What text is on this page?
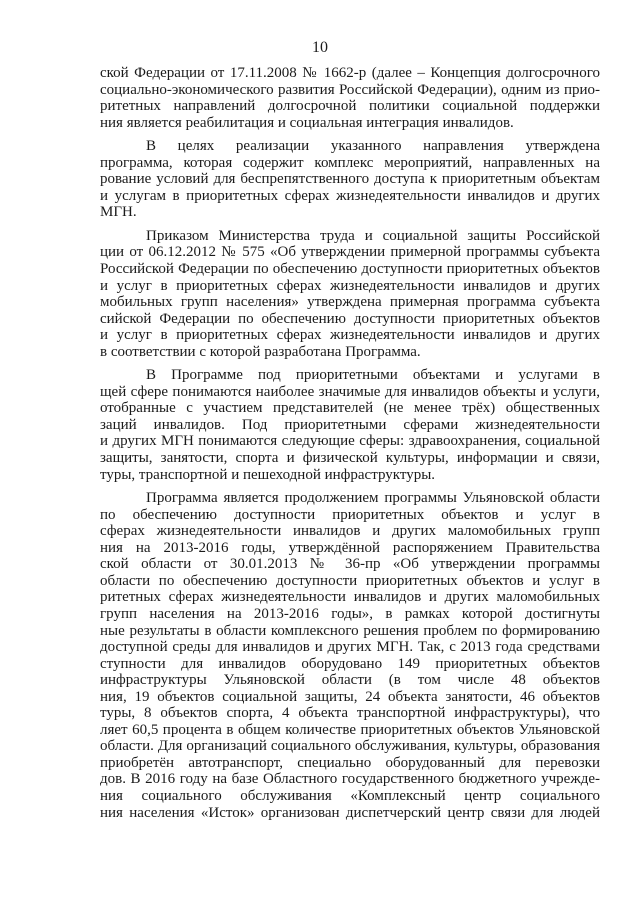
10
ской Федерации от 17.11.2008 № 1662-р (далее – Концепция долгосрочного
социально-экономического развития Российской Федерации), одним из прио-
ритетных направлений долгосрочной политики социальной поддержки
ния является реабилитация и социальная интеграция инвалидов.
В целях реализации указанного направления утверждена
программа, которая содержит комплекс мероприятий, направленных на
рование условий для беспрепятственного доступа к приоритетным объектам
и услугам в приоритетных сферах жизнедеятельности инвалидов и других
МГН.
Приказом Министерства труда и социальной защиты Российской
ции от 06.12.2012 № 575 «Об утверждении примерной программы субъекта
Российской Федерации по обеспечению доступности приоритетных объектов
и услуг в приоритетных сферах жизнедеятельности инвалидов и других
мобильных групп населения» утверждена примерная программа субъекта
сийской Федерации по обеспечению доступности приоритетных объектов
и услуг в приоритетных сферах жизнедеятельности инвалидов и других
в соответствии с которой разработана Программа.
В Программе под приоритетными объектами и услугами в
щей сфере понимаются наиболее значимые для инвалидов объекты и услуги,
отобранные с участием представителей (не менее трёх) общественных
заций инвалидов. Под приоритетными сферами жизнедеятельности
и других МГН понимаются следующие сферы: здравоохранения, социальной
защиты, занятости, спорта и физической культуры, информации и связи,
туры, транспортной и пешеходной инфраструктуры.
Программа является продолжением программы Ульяновской области
по обеспечению доступности приоритетных объектов и услуг в
сферах жизнедеятельности инвалидов и других маломобильных групп
ния на 2013-2016 годы, утверждённой распоряжением Правительства
ской области от 30.01.2013 № 36-пр «Об утверждении программы
области по обеспечению доступности приоритетных объектов и услуг в
ритетных сферах жизнедеятельности инвалидов и других маломобильных
групп населения на 2013-2016 годы», в рамках которой достигнуты
ные результаты в области комплексного решения проблем по формированию
доступной среды для инвалидов и других МГН. Так, с 2013 года средствами
ступности для инвалидов оборудовано 149 приоритетных объектов
инфраструктуры Ульяновской области (в том числе 48 объектов
ния, 19 объектов социальной защиты, 24 объекта занятости, 46 объектов
туры, 8 объектов спорта, 4 объекта транспортной инфраструктуры), что
ляет 60,5 процента в общем количестве приоритетных объектов Ульяновской
области. Для организаций социального обслуживания, культуры, образования
приобретён автотранспорт, специально оборудованный для перевозки
дов. В 2016 году на базе Областного государственного бюджетного учрежде-
ния социального обслуживания «Комплексный центр социального
ния населения «Исток» организован диспетчерский центр связи для людей
